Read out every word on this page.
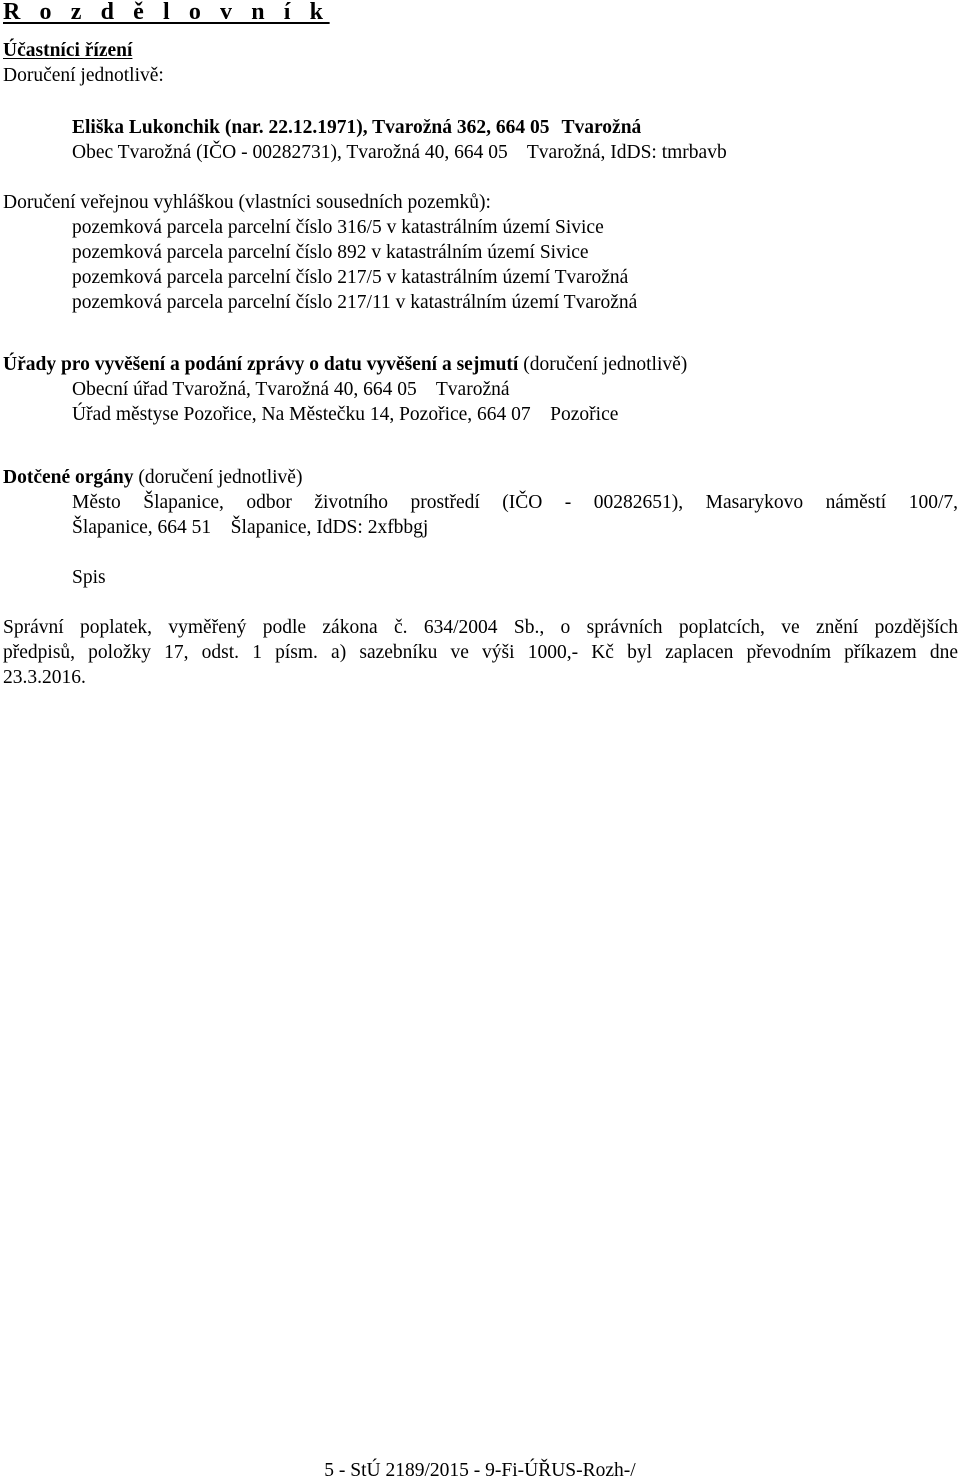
R o z d ě l o v n í k
Účastníci řízení
Doručení jednotlivě:
Eliška Lukonchik (nar. 22.12.1971), Tvarožná 362, 664 05 Tvarožná
Obec Tvarožná (IČO - 00282731), Tvarožná 40, 664 05    Tvarožná, IdDS: tmrbavb
Doručení veřejnou vyhláškou (vlastníci sousedních pozemků):
pozemková parcela parcelní číslo 316/5 v katastrálním území Sivice
pozemková parcela parcelní číslo 892 v katastrálním území Sivice
pozemková parcela parcelní číslo 217/5 v katastrálním území Tvarožná
pozemková parcela parcelní číslo 217/11 v katastrálním území Tvarožná
Úřady pro vyvěšení a podání zprávy o datu vyvěšení a sejmutí (doručení jednotlivě)
Obecní úřad Tvarožná, Tvarožná 40, 664 05    Tvarožná
Úřad městyse Pozořice, Na Městečku 14, Pozořice, 664 07    Pozořice
Dotčené orgány (doručení jednotlivě)
Město Šlapanice, odbor životního prostředí (IČO - 00282651), Masarykovo náměstí 100/7,
Šlapanice, 664 51    Šlapanice, IdDS: 2xfbbgj
Spis
Správní poplatek, vyměřený podle zákona č. 634/2004 Sb., o správních poplatcích, ve znění pozdějších
předpisů, položky 17, odst. 1 písm. a) sazebníku ve výši 1000,- Kč byl zaplacen převodním příkazem dne
23.3.2016.
5 - StÚ 2189/2015 - 9-Fi-ÚŘUS-Rozh-/
